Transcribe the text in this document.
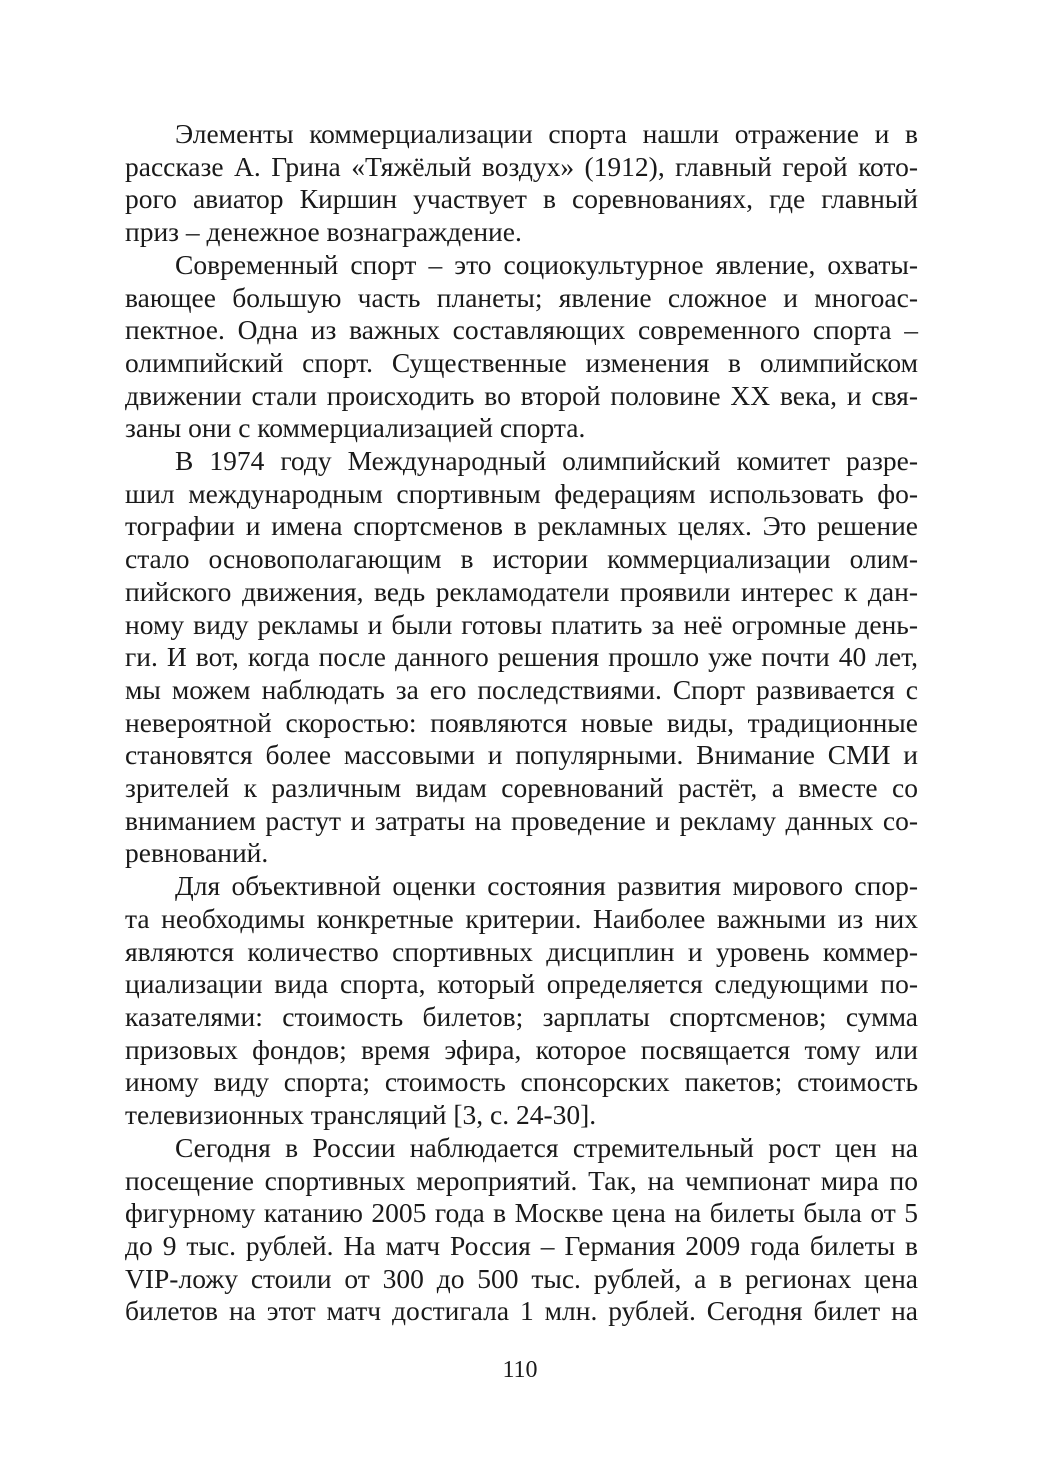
Элементы коммерциализации спорта нашли отражение и в
рассказе А. Грина «Тяжёлый воздух» (1912), главный герой кото-
рого авиатор Киршин участвует в соревнованиях, где главный
приз – денежное вознаграждение.
Современный спорт – это социокультурное явление, охваты-
вающее большую часть планеты; явление сложное и многоас-
пектное. Одна из важных составляющих современного спорта –
олимпийский спорт. Существенные изменения в олимпийском
движении стали происходить во второй половине XX века, и свя-
заны они с коммерциализацией спорта.
В 1974 году Международный олимпийский комитет разре-
шил международным спортивным федерациям использовать фо-
тографии и имена спортсменов в рекламных целях. Это решение
стало основополагающим в истории коммерциализации олим-
пийского движения, ведь рекламодатели проявили интерес к дан-
ному виду рекламы и были готовы платить за неё огромные день-
ги. И вот, когда после данного решения прошло уже почти 40 лет,
мы можем наблюдать за его последствиями. Спорт развивается с
невероятной скоростью: появляются новые виды, традиционные
становятся более массовыми и популярными. Внимание СМИ и
зрителей к различным видам соревнований растёт, а вместе со
вниманием растут и затраты на проведение и рекламу данных со-
ревнований.
Для объективной оценки состояния развития мирового спор-
та необходимы конкретные критерии. Наиболее важными из них
являются количество спортивных дисциплин и уровень коммер-
циализации вида спорта, который определяется следующими по-
казателями: стоимость билетов; зарплаты спортсменов; сумма
призовых фондов; время эфира, которое посвящается тому или
иному виду спорта; стоимость спонсорских пакетов; стоимость
телевизионных трансляций [3, с. 24-30].
Сегодня в России наблюдается стремительный рост цен на
посещение спортивных мероприятий. Так, на чемпионат мира по
фигурному катанию 2005 года в Москве цена на билеты была от 5
до 9 тыс. рублей. На матч Россия – Германия 2009 года билеты в
VIP-ложу стоили от 300 до 500 тыс. рублей, а в регионах цена
билетов на этот матч достигала 1 млн. рублей. Сегодня билет на
110
